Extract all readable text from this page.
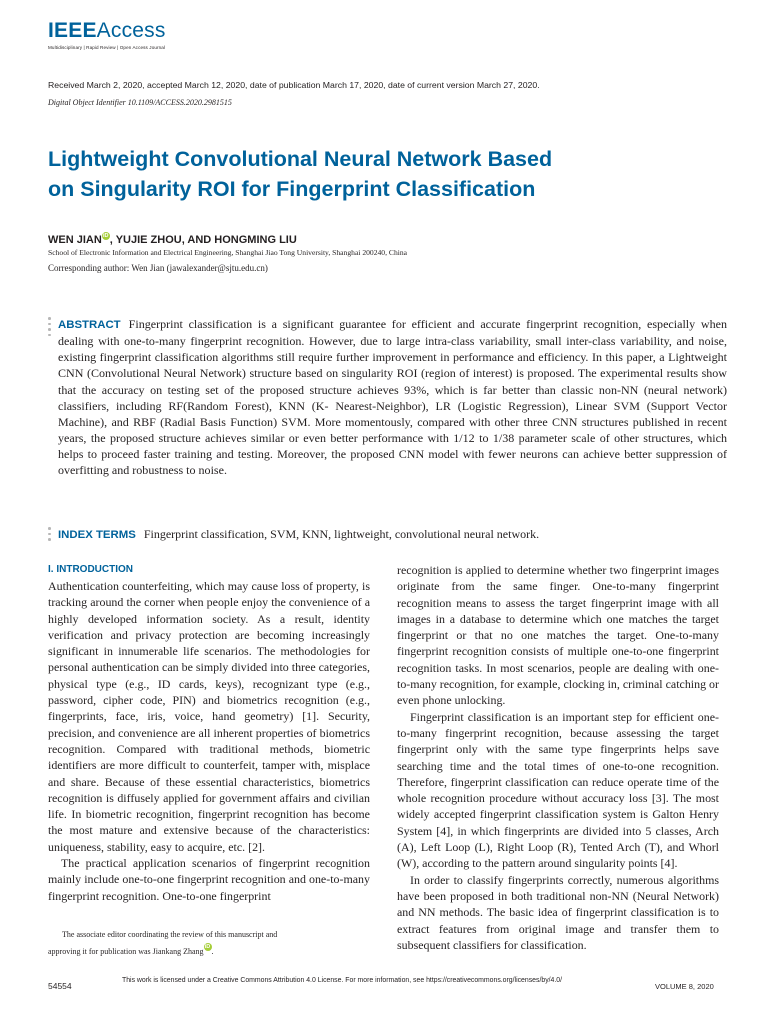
IEEEAccess
Multidisciplinary | Rapid Review | Open Access Journal
Received March 2, 2020, accepted March 12, 2020, date of publication March 17, 2020, date of current version March 27, 2020.
Digital Object Identifier 10.1109/ACCESS.2020.2981515
Lightweight Convolutional Neural Network Based
on Singularity ROI for Fingerprint Classification
WEN JIANiD, YUJIE ZHOU, AND HONGMING LIU
School of Electronic Information and Electrical Engineering, Shanghai Jiao Tong University, Shanghai 200240, China
Corresponding author: Wen Jian (jawalexander@sjtu.edu.cn)
ABSTRACT Fingerprint classification is a significant guarantee for efficient and accurate fingerprint recognition, especially when dealing with one-to-many fingerprint recognition. However, due to large intra-class variability, small inter-class variability, and noise, existing fingerprint classification algorithms still require further improvement in performance and efficiency. In this paper, a Lightweight CNN (Convolutional Neural Network) structure based on singularity ROI (region of interest) is proposed. The experimental results show that the accuracy on testing set of the proposed structure achieves 93%, which is far better than classic non-NN (neural network) classifiers, including RF(Random Forest), KNN (K- Nearest-Neighbor), LR (Logistic Regression), Linear SVM (Support Vector Machine), and RBF (Radial Basis Function) SVM. More momentously, compared with other three CNN structures published in recent years, the proposed structure achieves similar or even better performance with 1/12 to 1/38 parameter scale of other structures, which helps to proceed faster training and testing. Moreover, the proposed CNN model with fewer neurons can achieve better suppression of overfitting and robustness to noise.
INDEX TERMS Fingerprint classification, SVM, KNN, lightweight, convolutional neural network.
I. INTRODUCTION

Authentication counterfeiting, which may cause loss of property, is tracking around the corner when people enjoy the convenience of a highly developed information society. As a result, identity verification and privacy protection are becoming increasingly significant in innumerable life scenarios. The methodologies for personal authentication can be simply divided into three categories, physical type (e.g., ID cards, keys), recognizant type (e.g., password, cipher code, PIN) and biometrics recognition (e.g., fingerprints, face, iris, voice, hand geometry) [1]. Security, precision, and convenience are all inherent properties of biometrics recognition. Compared with traditional methods, biometric identifiers are more difficult to counterfeit, tamper with, misplace and share. Because of these essential characteristics, biometrics recognition is diffusely applied for government affairs and civilian life. In biometric recognition, fingerprint recognition has become the most mature and extensive because of the characteristics: uniqueness, stability, easy to acquire, etc. [2].

The practical application scenarios of fingerprint recognition mainly include one-to-one fingerprint recognition and one-to-many fingerprint recognition. One-to-one fingerprint

recognition is applied to determine whether two fingerprint images originate from the same finger. One-to-many fingerprint recognition means to assess the target fingerprint image with all images in a database to determine which one matches the target fingerprint or that no one matches the target. One-to-many fingerprint recognition consists of multiple one-to-one fingerprint recognition tasks. In most scenarios, people are dealing with one-to-many recognition, for example, clocking in, criminal catching or even phone unlocking.

Fingerprint classification is an important step for efficient one-to-many fingerprint recognition, because assessing the target fingerprint only with the same type fingerprints helps save searching time and the total times of one-to-one recognition. Therefore, fingerprint classification can reduce operate time of the whole recognition procedure without accuracy loss [3]. The most widely accepted fingerprint classification system is Galton Henry System [4], in which fingerprints are divided into 5 classes, Arch (A), Left Loop (L), Right Loop (R), Tented Arch (T), and Whorl (W), according to the pattern around singularity points [4].

In order to classify fingerprints correctly, numerous algorithms have been proposed in both traditional non-NN (Neural Network) and NN methods. The basic idea of fingerprint classification is to extract features from original image and transfer them to subsequent classifiers for classification.

The associate editor coordinating the review of this manuscript and

approving it for publication was Jiankang ZhangiD.

54554
This work is licensed under a Creative Commons Attribution 4.0 License. For more information, see https://creativecommons.org/licenses/by/4.0/
VOLUME 8, 2020
